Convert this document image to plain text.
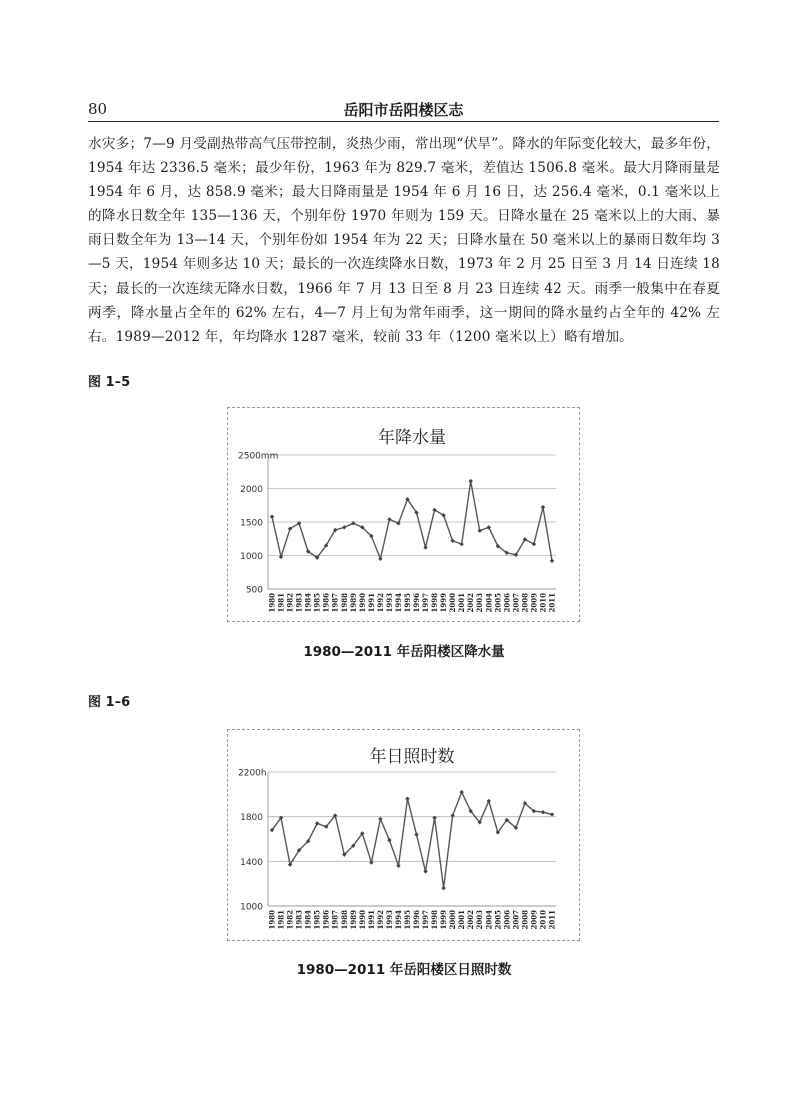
80	岳阳市岳阳楼区志

水灾多；7—9 月受副热带高气压带控制，炎热少雨，常出现“伏旱”。降水的年际变化较大，最多年份，1954 年达 2336.5 毫米；最少年份，1963 年为 829.7 毫米，差值达 1506.8 毫米。最大月降雨量是 1954 年 6 月，达 858.9 毫米；最大日降雨量是 1954 年 6 月 16 日，达 256.4 毫米，0.1 毫米以上的降水日数全年 135—136 天，个别年份 1970 年则为 159 天。日降水量在 25 毫米以上的大雨、暴雨日数全年为 13—14 天，个别年份如 1954 年为 22 天；日降水量在 50 毫米以上的暴雨日数年均 3—5 天，1954 年则多达 10 天；最长的一次连续降水日数，1973 年 2 月 25 日至 3 月 14 日连续 18 天；最长的一次连续无降水日数，1966 年 7 月 13 日至 8 月 23 日连续 42 天。雨季一般集中在春夏两季，降水量占全年的 62% 左右，4—7 月上旬为常年雨季，这一期间的降水量约占全年的 42% 左右。1989—2012 年，年均降水 1287 毫米，较前 33 年（1200 毫米以上）略有增加。

图 1–5
年降水量
500
1000
1500
2000
2500mm
1980 1981 1982 1983 1984 1985 1986 1987 1988 1989 1990 1991 1992 1993 1994 1995 1996 1997 1998 1999 2000 2001 2002 2003 2004 2005 2006 2007 2008 2009 2010 2011
1980—2011 年岳阳楼区降水量
图 1–6
年日照时数
1000
1400
1800
2200h
1980 1981 1982 1983 1984 1985 1986 1987 1988 1989 1990 1991 1992 1993 1994 1995 1996 1997 1998 1999 2000 2001 2002 2003 2004 2005 2006 2007 2008 2009 2010 2011
1980—2011 年岳阳楼区日照时数
